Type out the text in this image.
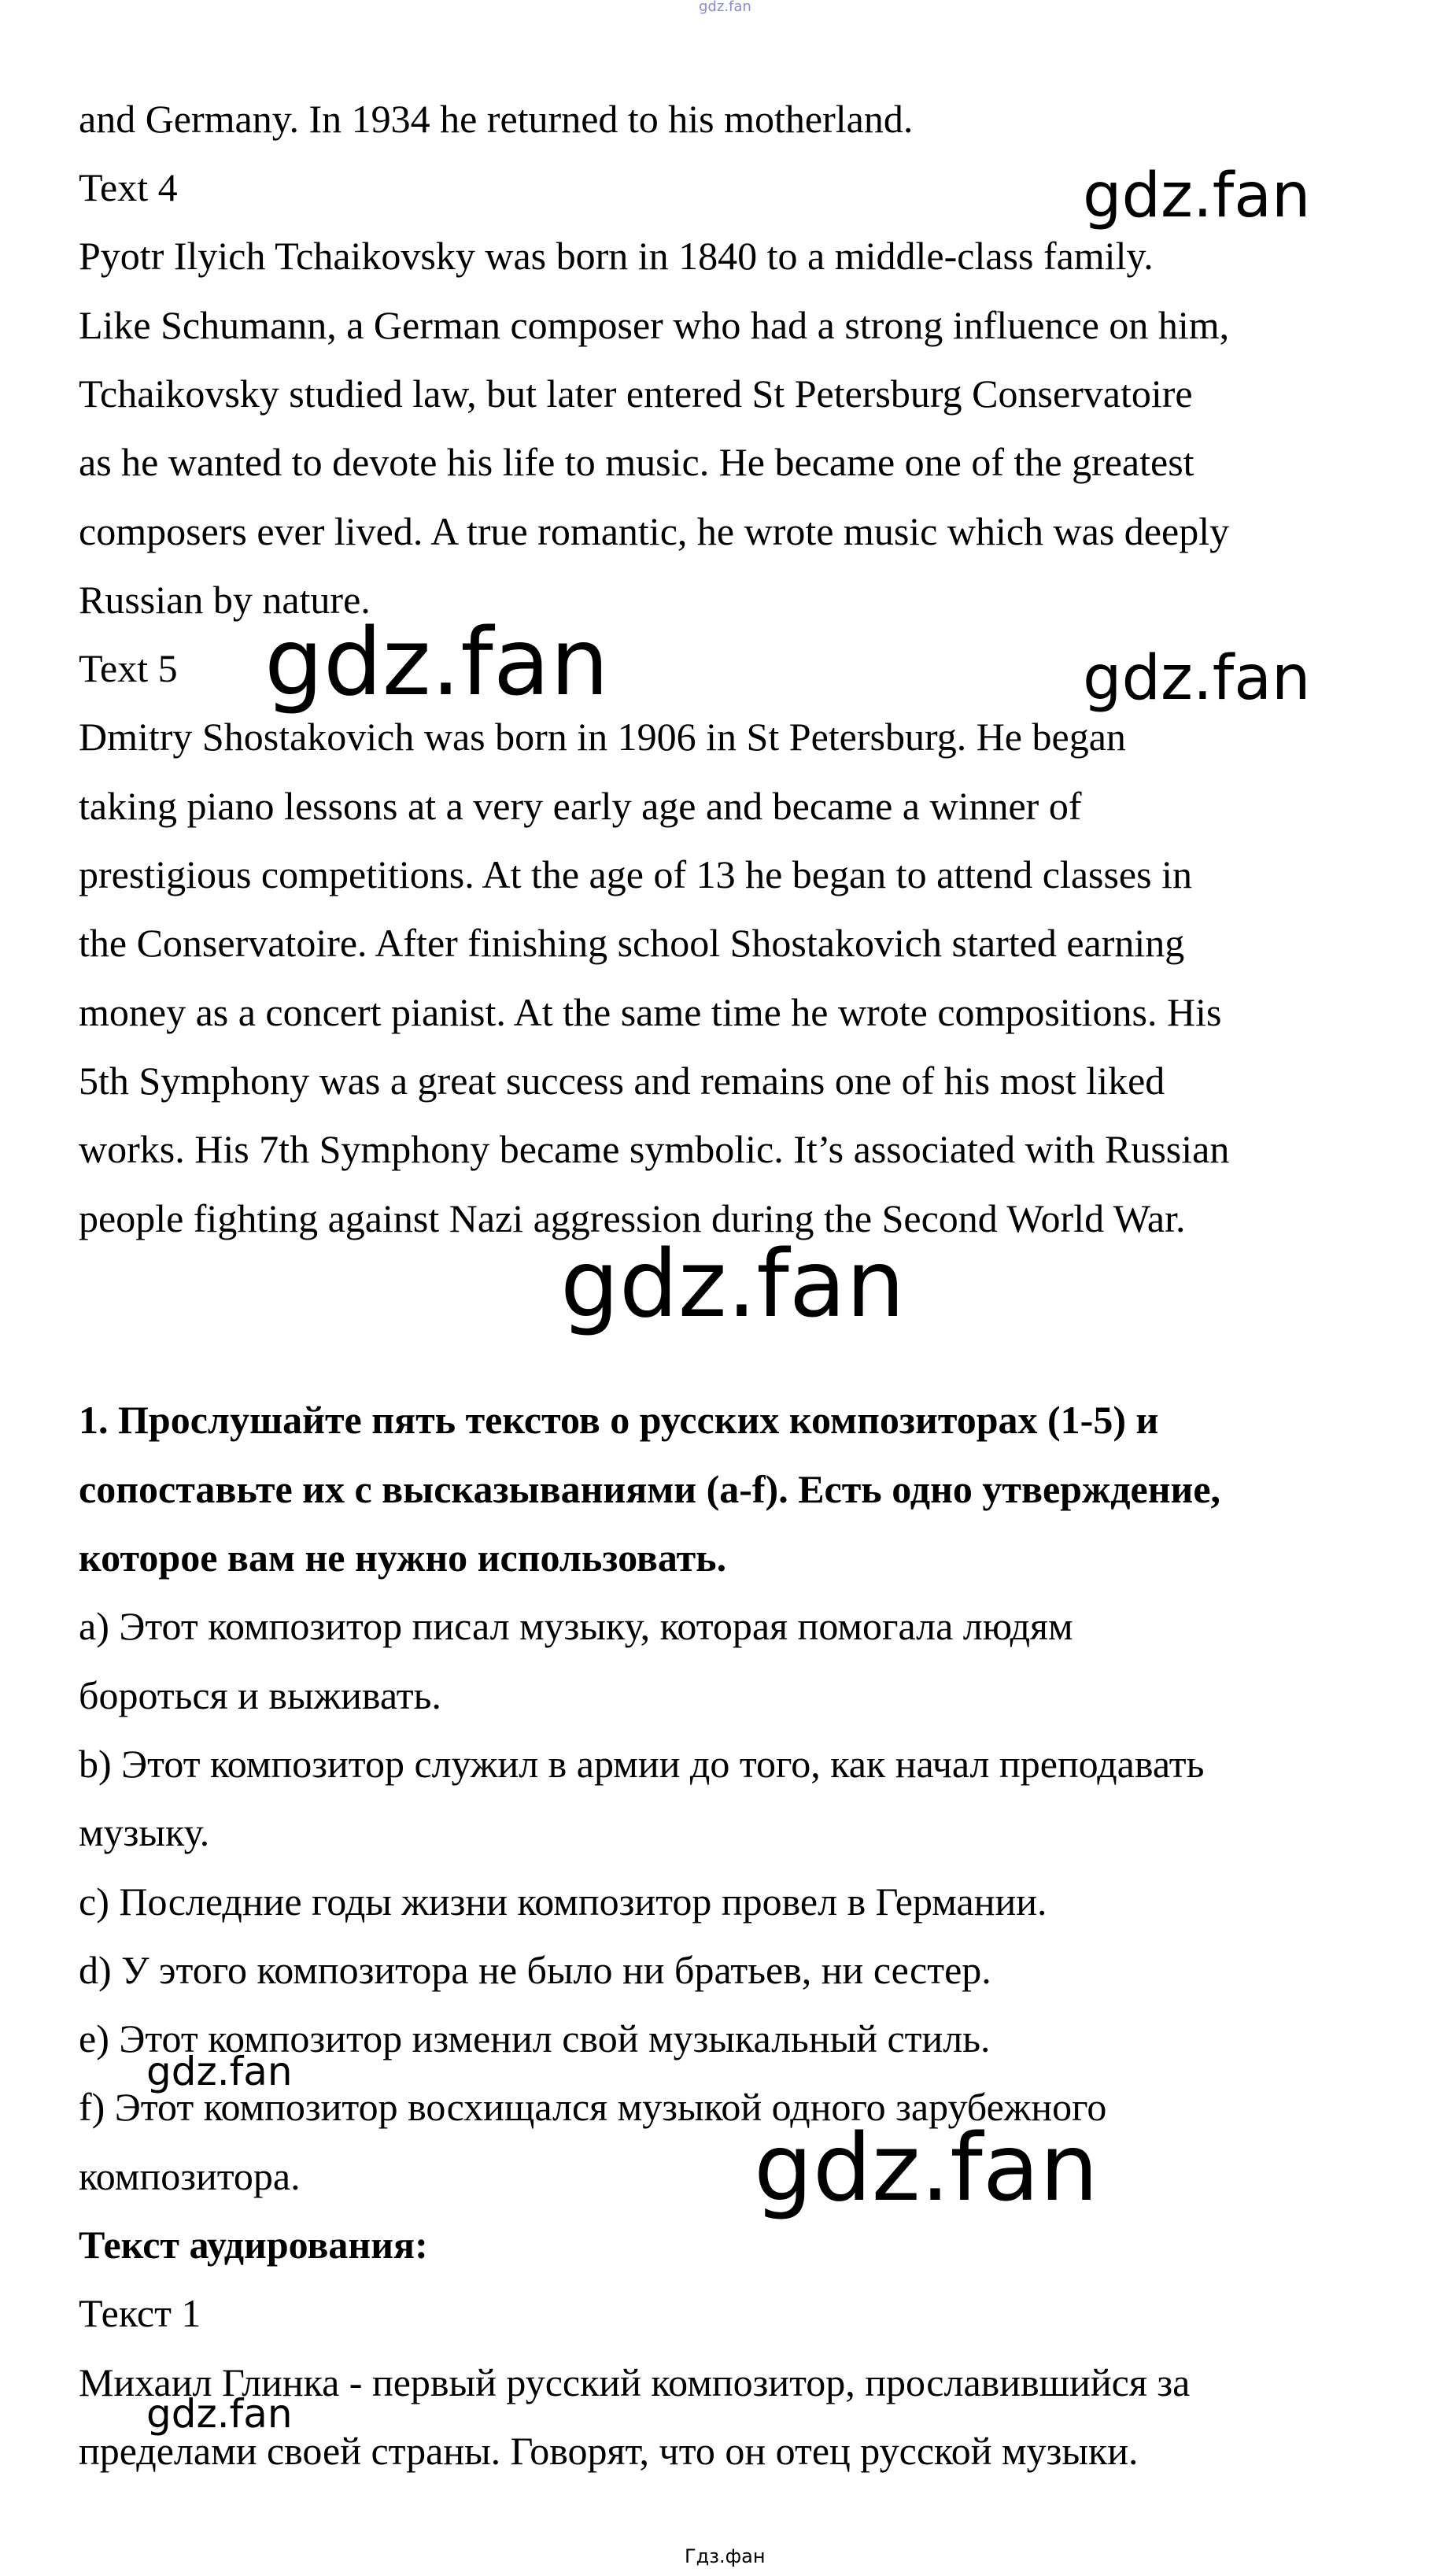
gdz.fan
and Germany. In 1934 he returned to his motherland.
Text 4
Pyotr Ilyich Tchaikovsky was born in 1840 to a middle-class family.
Like Schumann, a German composer who had a strong influence on him,
Tchaikovsky studied law, but later entered St Petersburg Conservatoire
as he wanted to devote his life to music. He became one of the greatest
composers ever lived. A true romantic, he wrote music which was deeply
Russian by nature.
Text 5
Dmitry Shostakovich was born in 1906 in St Petersburg. He began
taking piano lessons at a very early age and became a winner of
prestigious competitions. At the age of 13 he began to attend classes in
the Conservatoire. After finishing school Shostakovich started earning
money as a concert pianist. At the same time he wrote compositions. His
5th Symphony was a great success and remains one of his most liked
works. His 7th Symphony became symbolic. It’s associated with Russian
people fighting against Nazi aggression during the Second World War.
1. Прослушайте пять текстов о русских композиторах (1-5) и
сопоставьте их с высказываниями (a-f). Есть одно утверждение,
которое вам не нужно использовать.
a) Этот композитор писал музыку, которая помогала людям
бороться и выживать.
b) Этот композитор служил в армии до того, как начал преподавать
музыку.
c) Последние годы жизни композитор провел в Германии.
d) У этого композитора не было ни братьев, ни сестер.
e) Этот композитор изменил свой музыкальный стиль.
f) Этот композитор восхищался музыкой одного зарубежного
композитора.
Текст аудирования:
Текст 1
Михаил Глинка - первый русский композитор, прославившийся за
пределами своей страны. Говорят, что он отец русской музыки.
gdz.fan
gdz.fan	gdz.fan
gdz.fan
gdz.fan
gdz.fan
gdz.fan
Гдз.фан
